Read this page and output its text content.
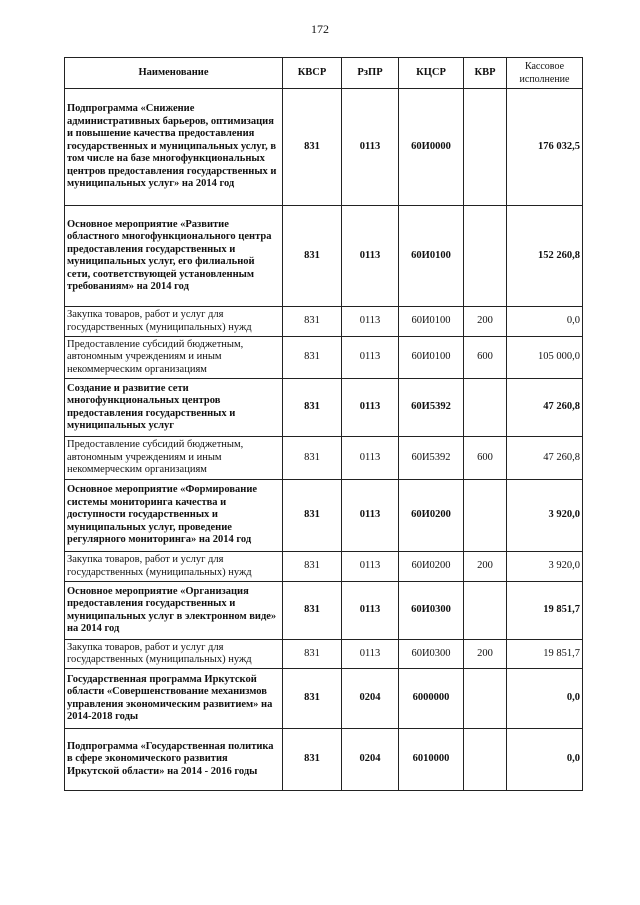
172
Наименование	КВСР	РзПР	КЦСР	КВР	Кассовое исполнение
Подпрограмма «Снижение административных барьеров, оптимизация и повышение качества предоставления государственных и муниципальных услуг, в том числе на базе многофункциональных центров предоставления государственных и муниципальных услуг» на 2014 год	831	0113	60И0000		176 032,5
Основное мероприятие «Развитие областного многофункционального центра предоставления государственных и муниципальных услуг, его филиальной сети, соответствующей установленным требованиям» на 2014 год	831	0113	60И0100		152 260,8
Закупка товаров, работ и услуг для государственных (муниципальных) нужд	831	0113	60И0100	200	0,0
Предоставление субсидий бюджетным, автономным учреждениям и иным некоммерческим организациям	831	0113	60И0100	600	105 000,0
Создание и развитие сети многофункциональных центров предоставления государственных и муниципальных услуг	831	0113	60И5392		47 260,8
Предоставление субсидий бюджетным, автономным учреждениям и иным некоммерческим организациям	831	0113	60И5392	600	47 260,8
Основное мероприятие «Формирование системы мониторинга качества и доступности государственных и муниципальных услуг, проведение регулярного мониторинга» на 2014 год	831	0113	60И0200		3 920,0
Закупка товаров, работ и услуг для государственных (муниципальных) нужд	831	0113	60И0200	200	3 920,0
Основное мероприятие «Организация предоставления государственных и муниципальных услуг в электронном виде» на 2014 год	831	0113	60И0300		19 851,7
Закупка товаров, работ и услуг для государственных (муниципальных) нужд	831	0113	60И0300	200	19 851,7
Государственная программа Иркутской области «Совершенствование механизмов управления экономическим развитием» на 2014-2018 годы	831	0204	6000000		0,0
Подпрограмма «Государственная политика в сфере экономического развития Иркутской области» на 2014 - 2016 годы	831	0204	6010000		0,0
